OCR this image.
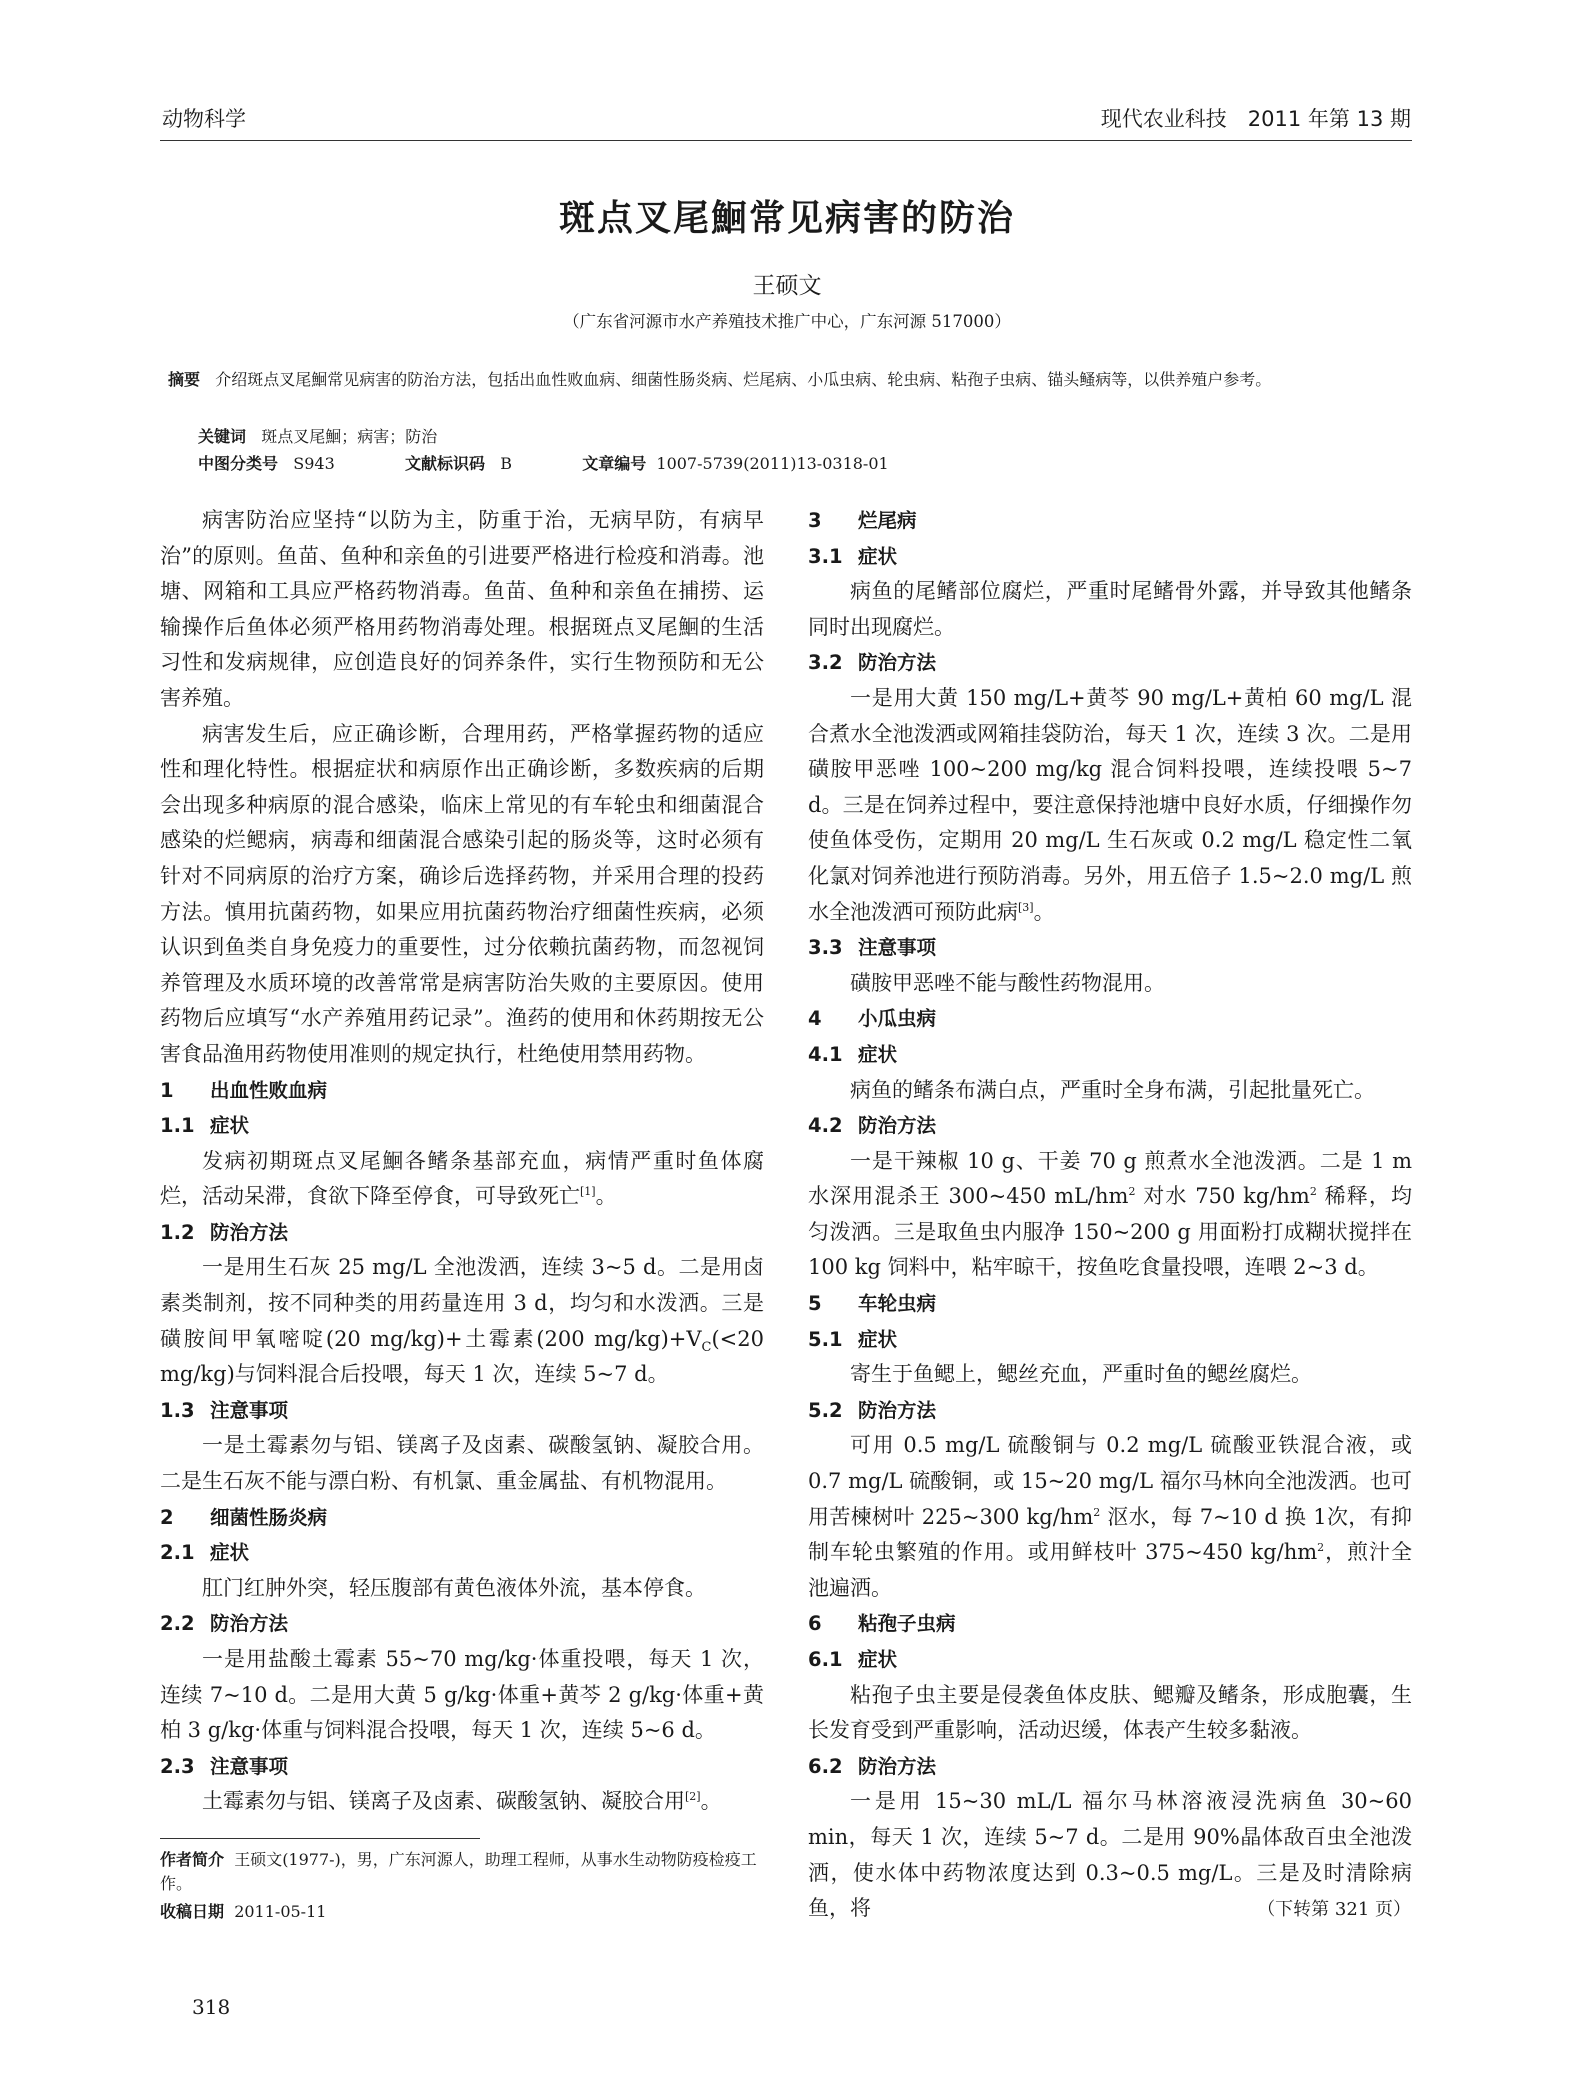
动物科学	现代农业科技　2011 年第 13 期
斑点叉尾鮰常见病害的防治
王硕文
（广东省河源市水产养殖技术推广中心，广东河源 517000）
摘要 介绍斑点叉尾鮰常见病害的防治方法，包括出血性败血病、细菌性肠炎病、烂尾病、小瓜虫病、轮虫病、粘孢子虫病、锚头鳋病等，以供养殖户参考。
关键词 斑点叉尾鮰；病害；防治
中图分类号 S943	文献标识码 B	文章编号 1007-5739(2011)13-0318-01

病害防治应坚持“以防为主，防重于治，无病早防，有病早治”的原则。鱼苗、鱼种和亲鱼的引进要严格进行检疫和消毒。池塘、网箱和工具应严格药物消毒。鱼苗、鱼种和亲鱼在捕捞、运输操作后鱼体必须严格用药物消毒处理。根据斑点叉尾鮰的生活习性和发病规律，应创造良好的饲养条件，实行生物预防和无公害养殖。

病害发生后，应正确诊断，合理用药，严格掌握药物的适应性和理化特性。根据症状和病原作出正确诊断，多数疾病的后期会出现多种病原的混合感染，临床上常见的有车轮虫和细菌混合感染的烂鳃病，病毒和细菌混合感染引起的肠炎等，这时必须有针对不同病原的治疗方案，确诊后选择药物，并采用合理的投药方法。慎用抗菌药物，如果应用抗菌药物治疗细菌性疾病，必须认识到鱼类自身免疫力的重要性，过分依赖抗菌药物，而忽视饲养管理及水质环境的改善常常是病害防治失败的主要原因。使用药物后应填写“水产养殖用药记录”。渔药的使用和休药期按无公害食品渔用药物使用准则的规定执行，杜绝使用禁用药物。

1 出血性败血病
1.1 症状

发病初期斑点叉尾鮰各鳍条基部充血，病情严重时鱼体腐烂，活动呆滞，食欲下降至停食，可导致死亡[1]。

1.2 防治方法

一是用生石灰 25 mg/L 全池泼洒，连续 3~5 d。二是用卤素类制剂，按不同种类的用药量连用 3 d，均匀和水泼洒。三是磺胺间甲氧嘧啶(20 mg/kg)+土霉素(200 $mg/kg)+V_C(<20$ mg/kg)与饲料混合后投喂，每天 1 次，连续 5~7 d。

1.3 注意事项

一是土霉素勿与铝、镁离子及卤素、碳酸氢钠、凝胶合用。二是生石灰不能与漂白粉、有机氯、重金属盐、有机物混用。

2 细菌性肠炎病
2.1 症状

肛门红肿外突，轻压腹部有黄色液体外流，基本停食。

2.2 防治方法

一是用盐酸土霉素 55~70 mg/kg·体重投喂，每天 1 次，连续 7~10 d。二是用大黄 5 g/kg·体重+黄芩 2 g/kg·体重+黄柏 3 g/kg·体重与饲料混合投喂，每天 1 次，连续 5~6 d。

2.3 注意事项

土霉素勿与铝、镁离子及卤素、碳酸氢钠、凝胶合用[2]。

3 烂尾病
3.1 症状

病鱼的尾鳍部位腐烂，严重时尾鳍骨外露，并导致其他鳍条同时出现腐烂。

3.2 防治方法

一是用大黄 150 mg/L+黄芩 90 mg/L+黄柏 60 mg/L 混合煮水全池泼洒或网箱挂袋防治，每天 1 次，连续 3 次。二是用磺胺甲恶唑 100~200 mg/kg 混合饲料投喂，连续投喂 5~7 d。三是在饲养过程中，要注意保持池塘中良好水质，仔细操作勿使鱼体受伤，定期用 20 mg/L 生石灰或 0.2 mg/L 稳定性二氧化氯对饲养池进行预防消毒。另外，用五倍子 1.5~2.0 mg/L 煎水全池泼洒可预防此病[3]。

3.3 注意事项

磺胺甲恶唑不能与酸性药物混用。

4 小瓜虫病
4.1 症状

病鱼的鳍条布满白点，严重时全身布满，引起批量死亡。

4.2 防治方法

一是干辣椒 10 g、干姜 70 g 煎煮水全池泼洒。二是 1 m 水深用混杀王 300~450 $mL/hm^2$ 对水 750 $kg/hm^2$ 稀释，均匀泼洒。三是取鱼虫内服净 150~200 g 用面粉打成糊状搅拌在 100 kg 饲料中，粘牢晾干，按鱼吃食量投喂，连喂 2~3 d。

5 车轮虫病
5.1 症状

寄生于鱼鳃上，鳃丝充血，严重时鱼的鳃丝腐烂。

5.2 防治方法

可用 0.5 mg/L 硫酸铜与 0.2 mg/L 硫酸亚铁混合液，或 0.7 mg/L 硫酸铜，或 15~20 mg/L 福尔马林向全池泼洒。也可用苦楝树叶 225~300 $kg/hm^2$ 沤水，每 7~10 d 换 1次，有抑制车轮虫繁殖的作用。或用鲜枝叶 375~450 $kg/hm^2$，煎汁全池遍洒。

6 粘孢子虫病
6.1 症状

粘孢子虫主要是侵袭鱼体皮肤、鳃瓣及鳍条，形成胞囊，生长发育受到严重影响，活动迟缓，体表产生较多黏液。

6.2 防治方法

一是用 15~30 mL/L 福尔马林溶液浸洗病鱼 30~60 min，每天 1 次，连续 5~7 d。二是用 90%晶体敌百虫全池泼洒，使水体中药物浓度达到 0.3~0.5 mg/L。三是及时清除病鱼，将	（下转第 321 页）
作者简介 王硕文(1977-)，男，广东河源人，助理工程师，从事水生动物防疫检疫工作。
收稿日期 2011-05-11
318
